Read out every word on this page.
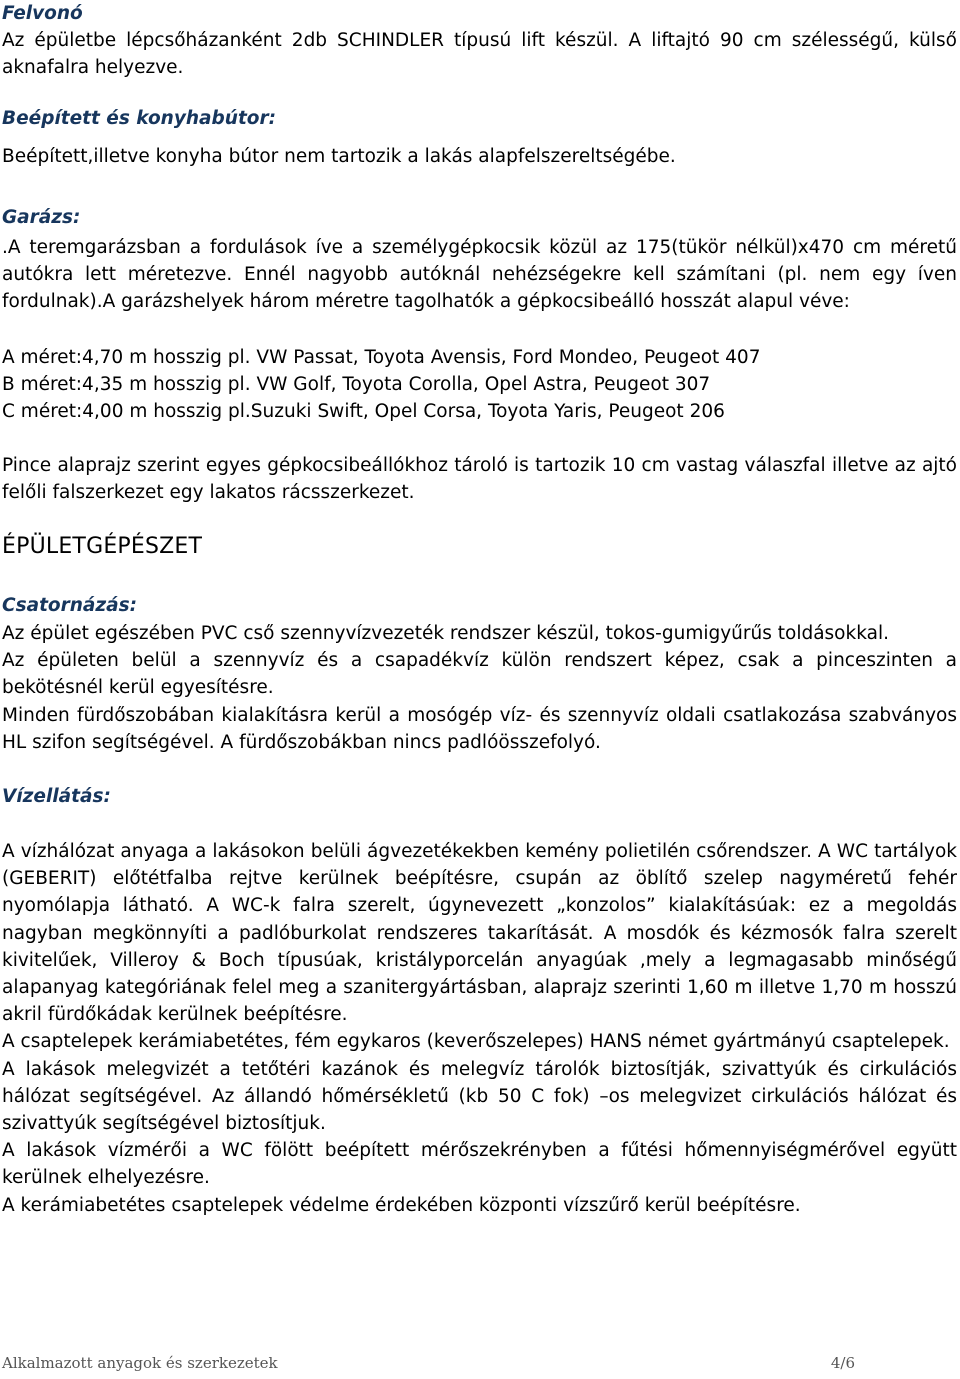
Felvonó
Az épületbe lépcsőházanként 2db SCHINDLER típusú lift készül. A liftajtó 90 cm szélességű, külső aknafalra helyezve.
Beépített és konyhabútor:
Beépített,illetve konyha bútor nem tartozik a lakás alapfelszereltségébe.
Garázs:
.A teremgarázsban a fordulások íve a személygépkocsik közül az 175(tükör nélkül)x470 cm méretű autókra lett méretezve. Ennél nagyobb autóknál nehézségekre kell számítani (pl. nem egy íven fordulnak).A garázshelyek három méretre tagolhatók a gépkocsibeálló hosszát alapul véve:
A méret:4,70 m hosszig pl. VW Passat, Toyota Avensis, Ford Mondeo, Peugeot 407
B méret:4,35 m hosszig pl. VW Golf, Toyota Corolla, Opel Astra, Peugeot 307
C méret:4,00 m hosszig pl.Suzuki Swift, Opel Corsa, Toyota Yaris, Peugeot 206
Pince alaprajz szerint egyes gépkocsibeállókhoz tároló is tartozik 10 cm vastag válaszfal illetve az ajtó felőli falszerkezet egy lakatos rácsszerkezet.
ÉPÜLETGÉPÉSZET
Csatornázás:
Az épület egészében PVC cső szennyvízvezeték rendszer készül, tokos-gumigyűrűs toldásokkal.
Az épületen belül a szennyvíz és a csapadékvíz külön rendszert képez, csak a pinceszinten a bekötésnél kerül egyesítésre.
Minden fürdőszobában kialakításra kerül a mosógép víz- és szennyvíz oldali csatlakozása szabványos HL szifon segítségével. A fürdőszobákban nincs padlóösszefolyó.
Vízellátás:
A vízhálózat anyaga a lakásokon belüli ágvezetékekben kemény polietilén csőrendszer. A WC tartályok (GEBERIT) előtétfalba rejtve kerülnek beépítésre, csupán az öblítő szelep nagyméretű fehér nyomólapja látható. A WC-k falra szerelt, úgynevezett „konzolos” kialakításúak: ez a megoldás nagyban megkönnyíti a padlóburkolat rendszeres takarítását. A mosdók és kézmosók falra szerelt kivitelűek, Villeroy & Boch típusúak, kristályporcelán anyagúak ,mely a legmagasabb minőségű alapanyag kategóriának felel meg a szanitergyártásban, alaprajz szerinti 1,60 m illetve 1,70 m hosszú akril fürdőkádak kerülnek beépítésre.
A csaptelepek kerámiabetétes, fém egykaros (keverőszelepes) HANS német gyártmányú csaptelepek.
A lakások melegvizét a tetőtéri kazánok és melegvíz tárolók biztosítják, szivattyúk és cirkulációs hálózat segítségével. Az állandó hőmérsékletű (kb 50 C fok) –os melegvizet cirkulációs hálózat és szivattyúk segítségével biztosítjuk.
A lakások vízmérői a WC fölött beépített mérőszekrényben a fűtési hőmennyiségmérővel együtt kerülnek elhelyezésre.
A kerámiabetétes csaptelepek védelme érdekében központi vízszűrő kerül beépítésre.
Alkalmazott anyagok és szerkezetek	4/6
